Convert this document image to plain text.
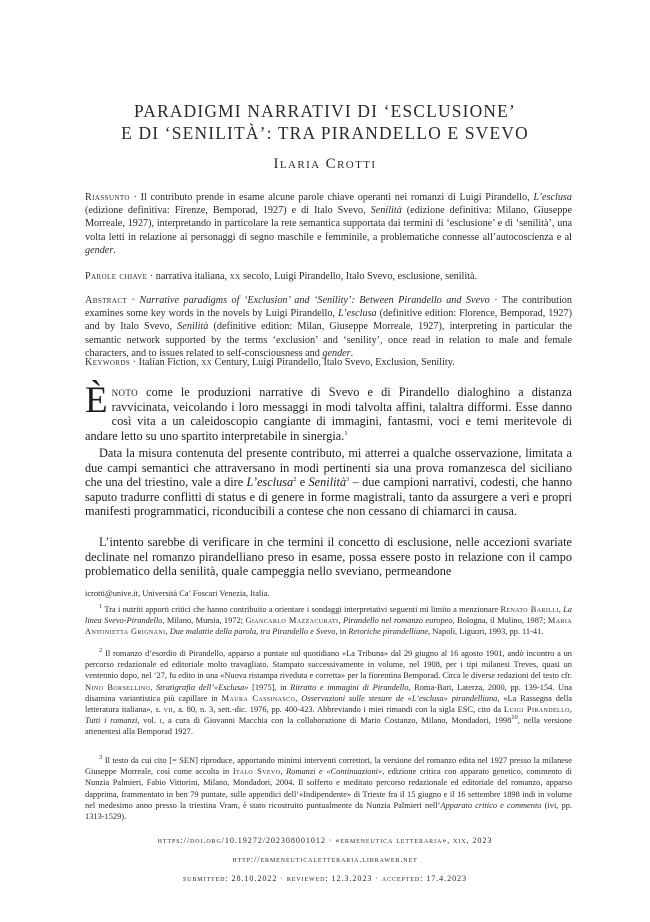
PARADIGMI NARRATIVI DI ‘ESCLUSIONE’
E DI ‘SENILITÀ’: TRA PIRANDELLO E SVEVO
Ilaria Crotti

Riassunto · Il contributo prende in esame alcune parole chiave operanti nei romanzi di Luigi Pirandello, L’esclusa (edizione definitiva: Firenze, Bemporad, 1927) e di Italo Svevo, Senilità (edizione definitiva: Milano, Giuseppe Morreale, 1927), interpretando in particolare la rete semantica supportata dai termini di ‘esclusione’ e di ‘senilità’, una volta letti in relazione ai personaggi di segno maschile e femminile, a problematiche connesse all’autocoscienza e al gender.

Parole chiave · narrativa italiana, xx secolo, Luigi Pirandello, Italo Svevo, esclusione, senilità.

Abstract · Narrative paradigms of ‘Exclusion’ and ‘Senility’: Between Pirandello and Svevo · The contribution examines some key words in the novels by Luigi Pirandello, L’esclusa (definitive edition: Florence, Bemporad, 1927) and by Italo Svevo, Senilità (definitive edition: Milan, Giuseppe Morreale, 1927), interpreting in particular the semantic network supported by the terms ‘exclusion’ and ‘senility’, once read in relation to male and female characters, and to issues related to self-consciousness and gender.

Keywords · Italian Fiction, xx Century, Luigi Pirandello, Italo Svevo, Exclusion, Senility.

Ènoto come le produzioni narrative di Svevo e di Pirandello dialoghino a distanza ravvicinata, veicolando i loro messaggi in modi talvolta affini, talaltra difformi. Esse danno così vita a un caleidoscopio cangiante di immagini, fantasmi, voci e temi meritevole di andare letto su uno spartito interpretabile in sinergia.$^1$

Data la misura contenuta del presente contributo, mi atterrei a qualche osservazione, limitata a due campi semantici che attraversano in modi pertinenti sia una prova romanzesca del siciliano che una del triestino, vale a dire L’esclusa$^2$ e Senilità$^3$ – due campioni narrativi, codesti, che hanno saputo tradurre conflitti di status e di genere in forme magistrali, tanto da assurgere a veri e propri manifesti programmatici, riconducibili a contese che non cessano di chiamarci in causa.

L’intento sarebbe di verificare in che termini il concetto di esclusione, nelle accezioni svariate declinate nel romanzo pirandelliano preso in esame, possa essere posto in relazione con il campo problematico della senilità, quale campeggia nello sveviano, permeandone

icrotti@unive.it, Università Ca’ Foscari Venezia, Italia.

$^1$ Tra i nutriti apporti critici che hanno contribuito a orientare i sondaggi interpretativi seguenti mi limito a menzionare Renato Barilli, La linea Svevo-Pirandello, Milano, Mursia, 1972; Giancarlo Mazzacurati, Pirandello nel romanzo europeo, Bologna, il Mulino, 1987; Maria Antonietta Grignani, Due malattie della parola, tra Pirandello e Svevo, in Retoriche pirandelliane, Napoli, Liguori, 1993, pp. 11-41.

$^2$ Il romanzo d’esordio di Pirandello, apparso a puntate sul quotidiano «La Tribuna» dal 29 giugno al 16 agosto 1901, andò incontro a un percorso redazionale ed editoriale molto travagliato. Stampato successivamente in volume, nel 1908, per i tipi milanesi Treves, quasi un ventennio dopo, nel ’27, fu edito in una «Nuova ristampa riveduta e corretta» per la fiorentina Bemporad. Circa le diverse redazioni del testo cfr. Nino Borsellino, Stratigrafia dell’«Esclusa» [1975], in Ritratto e immagini di Pirandello, Roma-Bari, Laterza, 2000, pp. 139-154. Una disamina variantistica più capillare in Maura Cassinasco, Osservazioni sulle stesure de «L’esclusa» pirandelliana, «La Rassegna della letteratura italiana», s. vii, a. 80, n. 3, sett.-dic. 1976, pp. 400-423. Abbreviando i miei rimandi con la sigla ESC, cito da Luigi Pirandello, Tutti i romanzi, vol. i, a cura di Giovanni Macchia con la collaborazione di Mario Costanzo, Milano, Mondadori, 1998$^{10}$, nella versione attenentesi alla Bemporad 1927.

$^3$ Il testo da cui cito [= SEN] riproduce, apportando minimi interventi correttori, la versione del romanzo edita nel 1927 presso la milanese Giuseppe Morreale, così come accolta in Italo Svevo, Romanzi e «Continuazioni», edizione critica con apparato genetico, commento di Nunzia Palmieri, Fabio Vittorini, Milano, Mondadori, 2004. Il sofferto e meditato percorso redazionale ed editoriale del romanzo, apparso dapprima, frammentato in ben 79 puntate, sulle appendici dell’«Indipendente» di Trieste fra il 15 giugno e il 16 settembre 1898 indi in volume nel medesimo anno presso la triestina Vram, è stato ricostruito puntualmente da Nunzia Palmieri nell’Apparato critico e commento (ivi, pp. 1313-1529).

https://doi.org/10.19272/202308001012 · «ermeneutica letteraria», xix, 2023
http://ermeneuticaletteraria.libraweb.net
submitted: 28.10.2022 · reviewed: 12.3.2023 · accepted: 17.4.2023
